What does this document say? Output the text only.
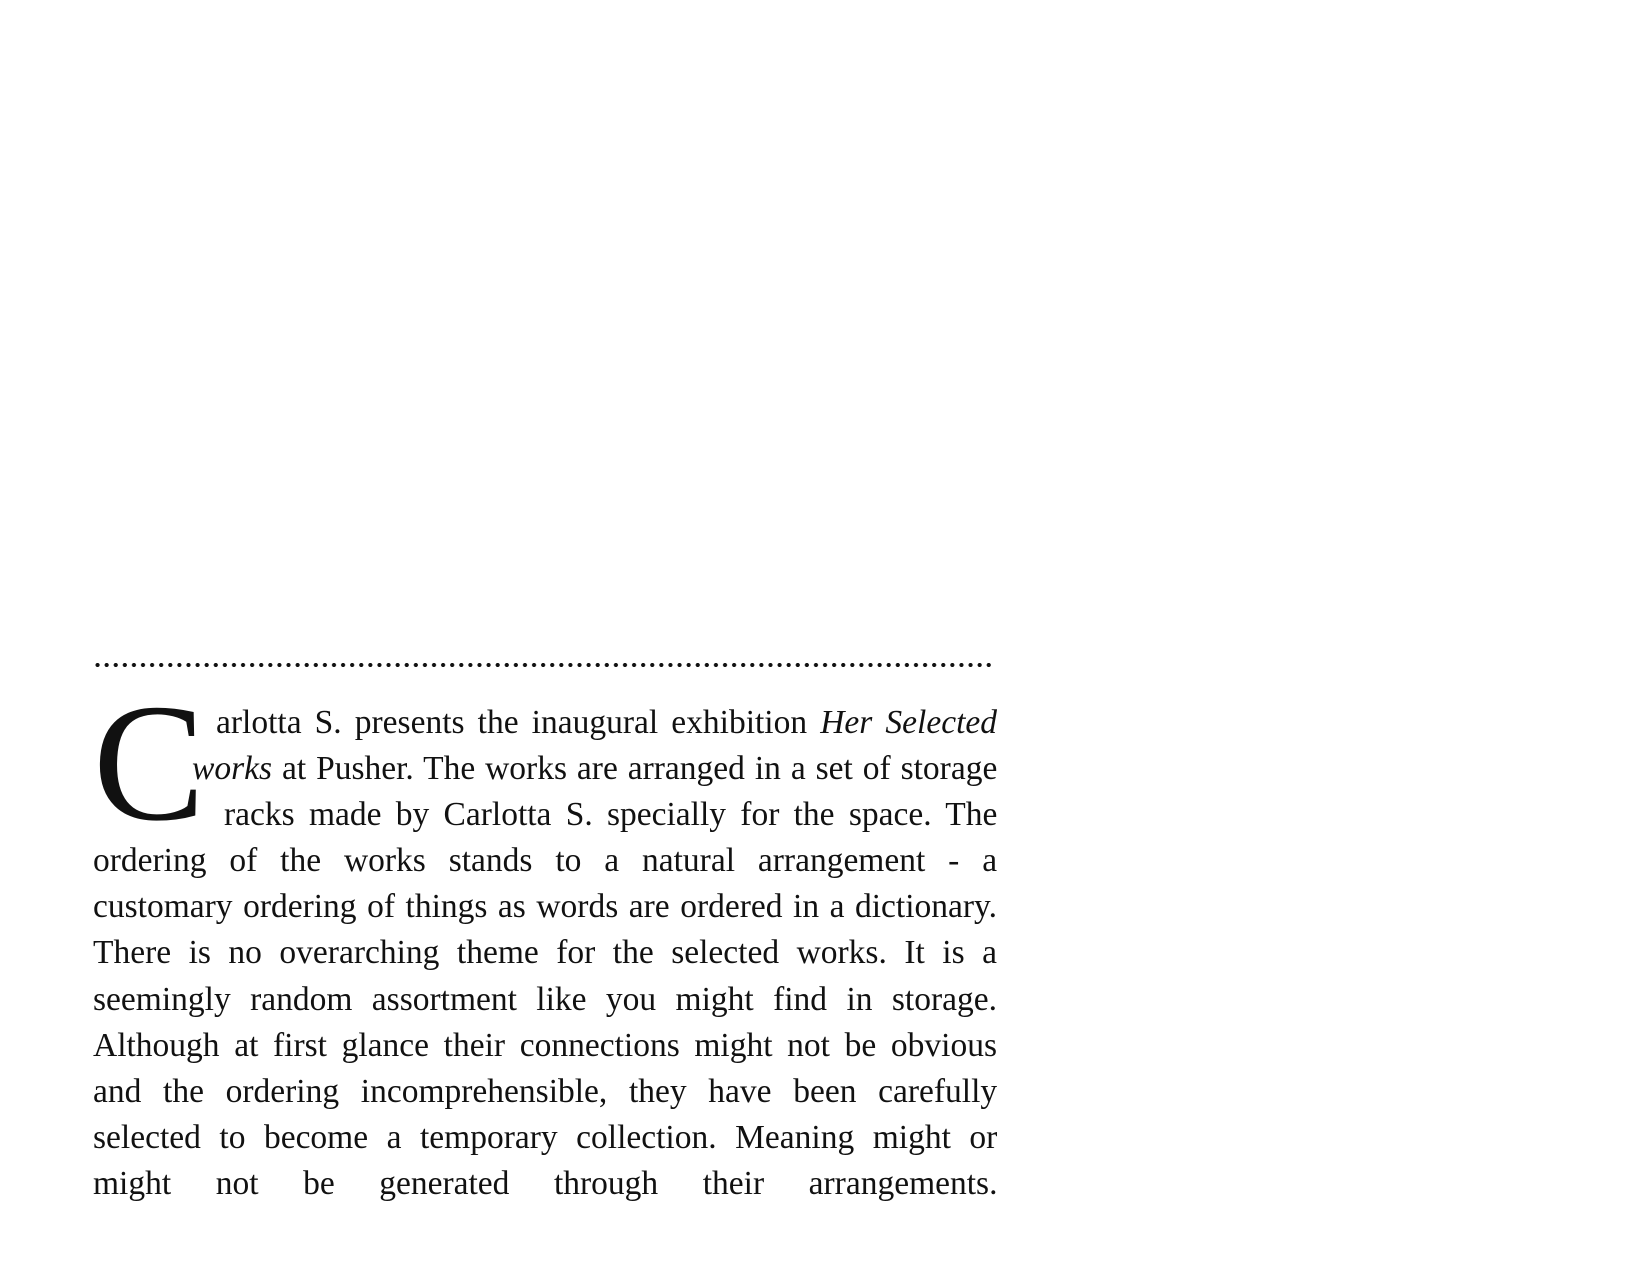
C arlotta S. presents the inaugural exhibition Her Selected
works at Pusher. The works are arranged in a set of storage
racks made by Carlotta S. specially for the space. The
ordering of the works stands to a natural arrangement - a
customary ordering of things as words are ordered in a dictionary.
There is no overarching theme for the selected works. It is a
seemingly random assortment like you might find in storage.
Although at first glance their connections might not be obvious
and the ordering incomprehensible, they have been carefully
selected to become a temporary collection. Meaning might or
might not be generated through their arrangements.
